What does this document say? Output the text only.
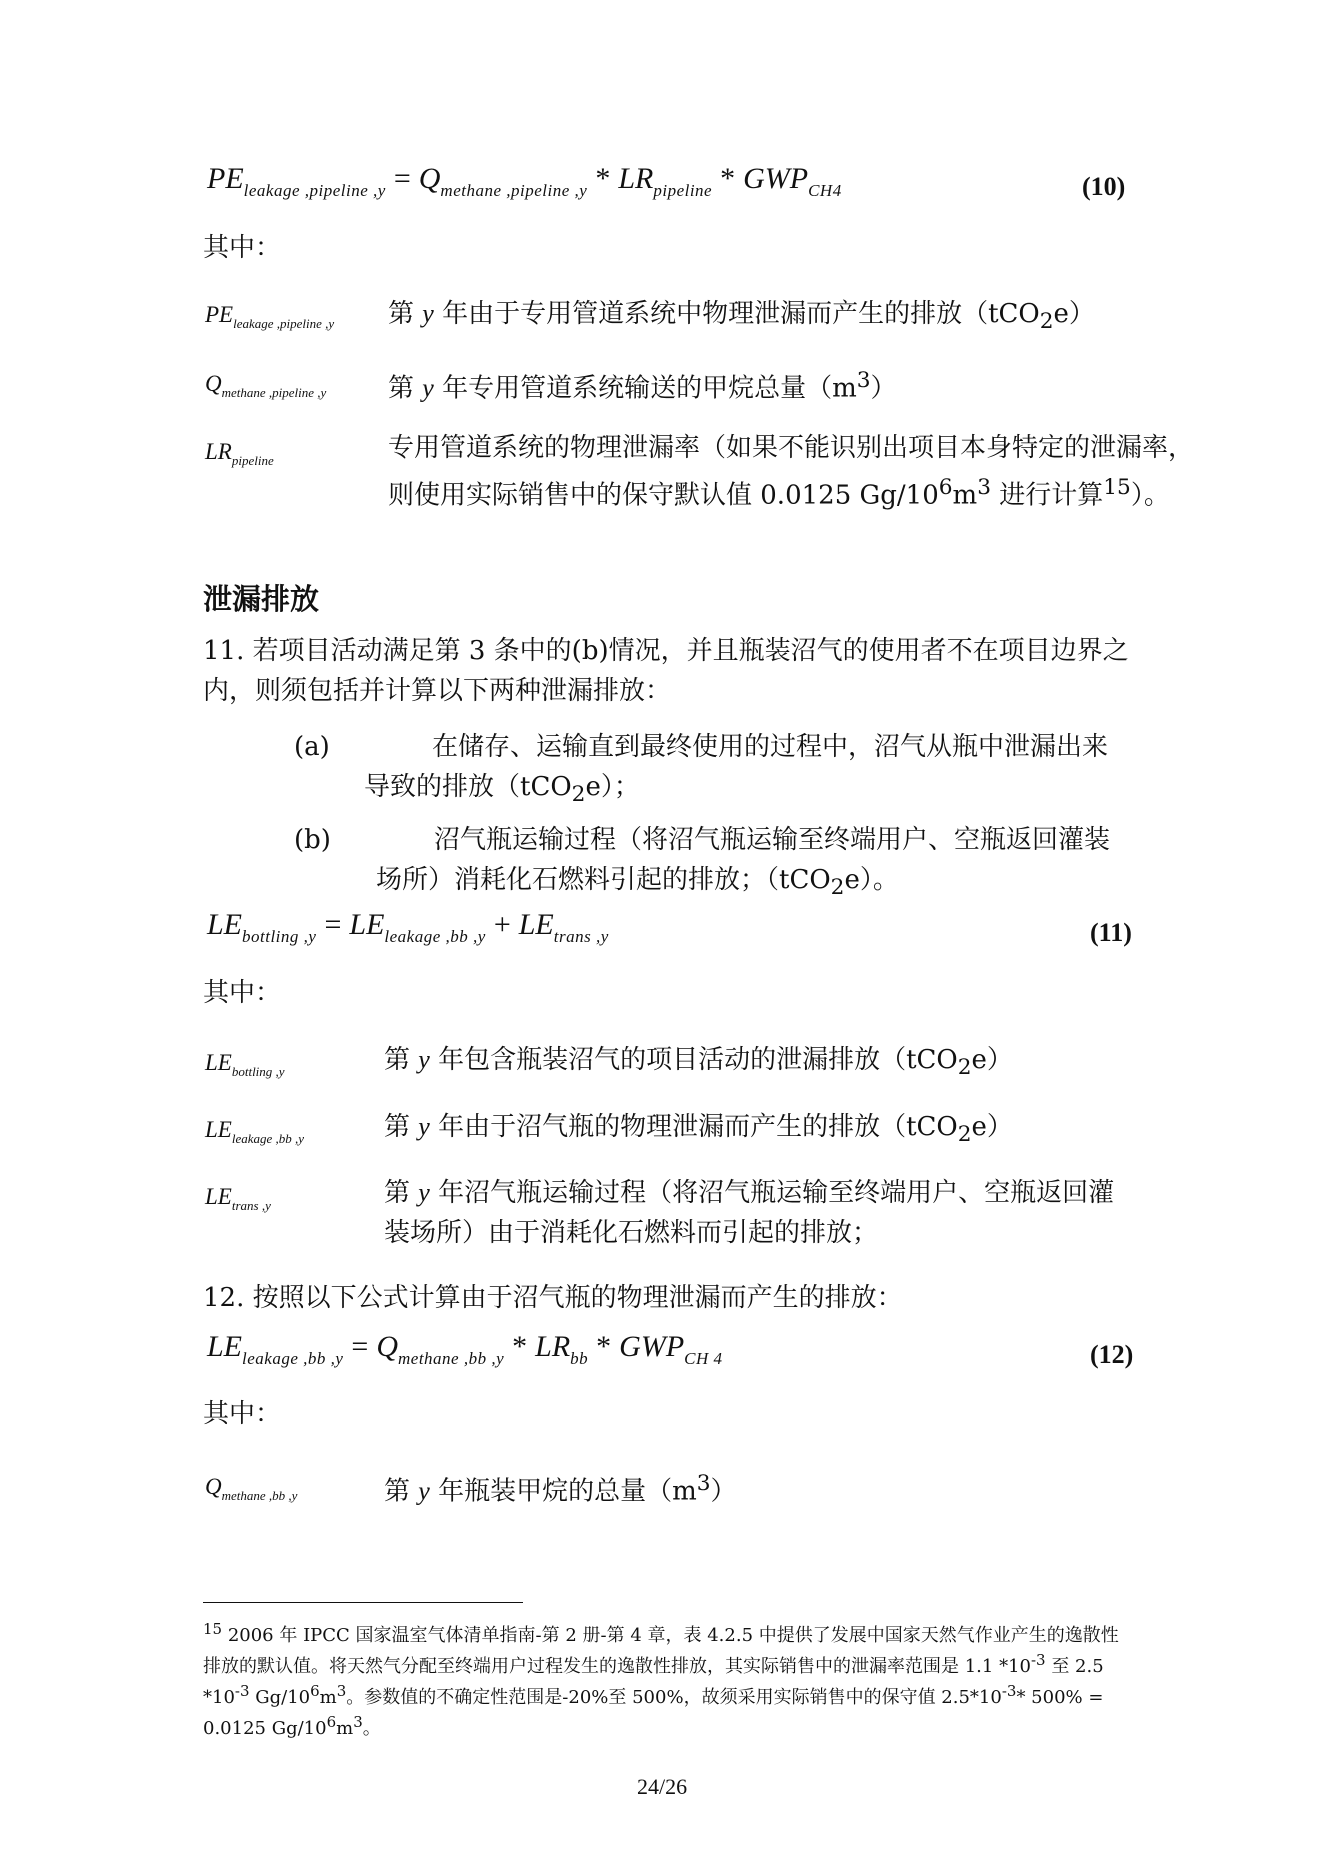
$PE_{leakage ,pipeline ,y} = Q_{methane ,pipeline ,y} * LR_{pipeline} * GWP_{CH4}$	(10)
其中：
$PE_{leakage ,pipeline ,y}$ 第 y 年由于专用管道系统中物理泄漏而产生的排放（tCO$_2$e）
$Q_{methane ,pipeline ,y}$ 第 y 年专用管道系统输送的甲烷总量$(m^3)$
$LR_{pipeline}$	专用管道系统的物理泄漏率（如果不能识别出项目本身特定的泄漏率，则使用实际销售中的保守默认值 0.0125 $Gg/10^6m^3$ 进行计算$^{15}$）。
泄漏排放
11. 若项目活动满足第 3 条中的(b)情况，并且瓶装沼气的使用者不在项目边界之内，则须包括并计算以下两种泄漏排放：
(a)	在储存、运输直到最终使用的过程中，沼气从瓶中泄漏出来
导致的排放（tCO$_2$e）；
(b)	沼气瓶运输过程（将沼气瓶运输至终端用户、空瓶返回灌装
场所）消耗化石燃料引起的排放；（tCO$_2$e）。
$LE_{bottling ,y} = LE_{leakage ,bb ,y} + LE_{trans ,y}$	(11)
其中：
$LE_{bottling ,y}$	第 y 年包含瓶装沼气的项目活动的泄漏排放（tCO$_2$e）
$LE_{leakage ,bb ,y}$	第 y 年由于沼气瓶的物理泄漏而产生的排放（tCO$_2$e）
$LE_{trans ,y}$	第 y 年沼气瓶运输过程（将沼气瓶运输至终端用户、空瓶返回灌
装场所）由于消耗化石燃料而引起的排放；
12. 按照以下公式计算由于沼气瓶的物理泄漏而产生的排放：
$LE_{leakage ,bb ,y} = Q_{methane ,bb ,y} * LR_{bb} * GWP_{CH 4}$	(12)
其中：
$Q_{methane ,bb ,y}$	第 y 年瓶装甲烷的总量$(m^3)$
$^{15}$ 2006 年 IPCC 国家温室气体清单指南-第 2 册-第 4 章，表 4.2.5 中提供了发展中国家天然气作业产生的逸散性排放的默认值。将天然气分配至终端用户过程发生的逸散性排放，其实际销售中的泄漏率范围是 1.1 $*10^{-3}$ 至 2.5 $*10^{-3}$ $Gg/10^6m^3$。参数值的不确定性范围是-20%至 500%，故须采用实际销售中的保守值 $2.5*10^{-3}*$ 500% = 0.0125 $Gg/10^6m^3$。
24/26
